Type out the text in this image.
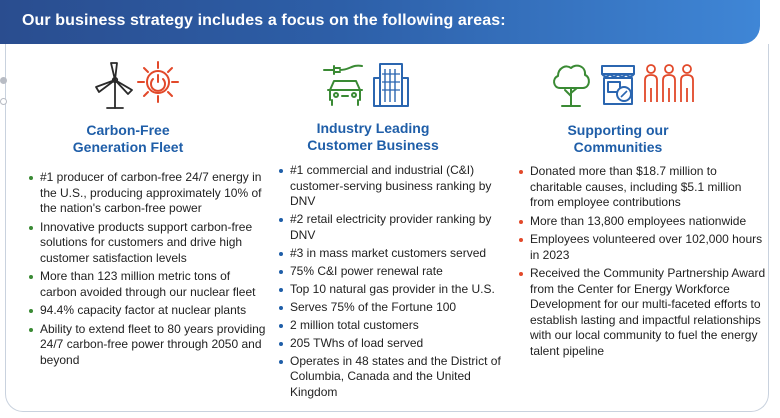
Our business strategy includes a focus on the following areas:
Carbon-Free
Generation Fleet
#1 producer of carbon-free 24/7 energy in the U.S., producing approximately 10% of the nation's carbon-free power
Innovative products support carbon-free solutions for customers and drive high customer satisfaction levels
More than 123 million metric tons of carbon avoided through our nuclear fleet
94.4% capacity factor at nuclear plants
Ability to extend fleet to 80 years providing 24/7 carbon-free power through 2050 and beyond
Industry Leading
Customer Business
#1 commercial and industrial (C&I) customer-serving business ranking by DNV
#2 retail electricity provider ranking by DNV
#3 in mass market customers served
75% C&I power renewal rate
Top 10 natural gas provider in the U.S.
Serves 75% of the Fortune 100
2 million total customers
205 TWhs of load served
Operates in 48 states and the District of Columbia, Canada and the United Kingdom
Supporting our
Communities
Donated more than $18.7 million to charitable causes, including $5.1 million from employee contributions
More than 13,800 employees nationwide
Employees volunteered over 102,000 hours in 2023
Received the Community Partnership Award from the Center for Energy Workforce Development for our multi-faceted efforts to establish lasting and impactful relationships with our local community to fuel the energy talent pipeline
